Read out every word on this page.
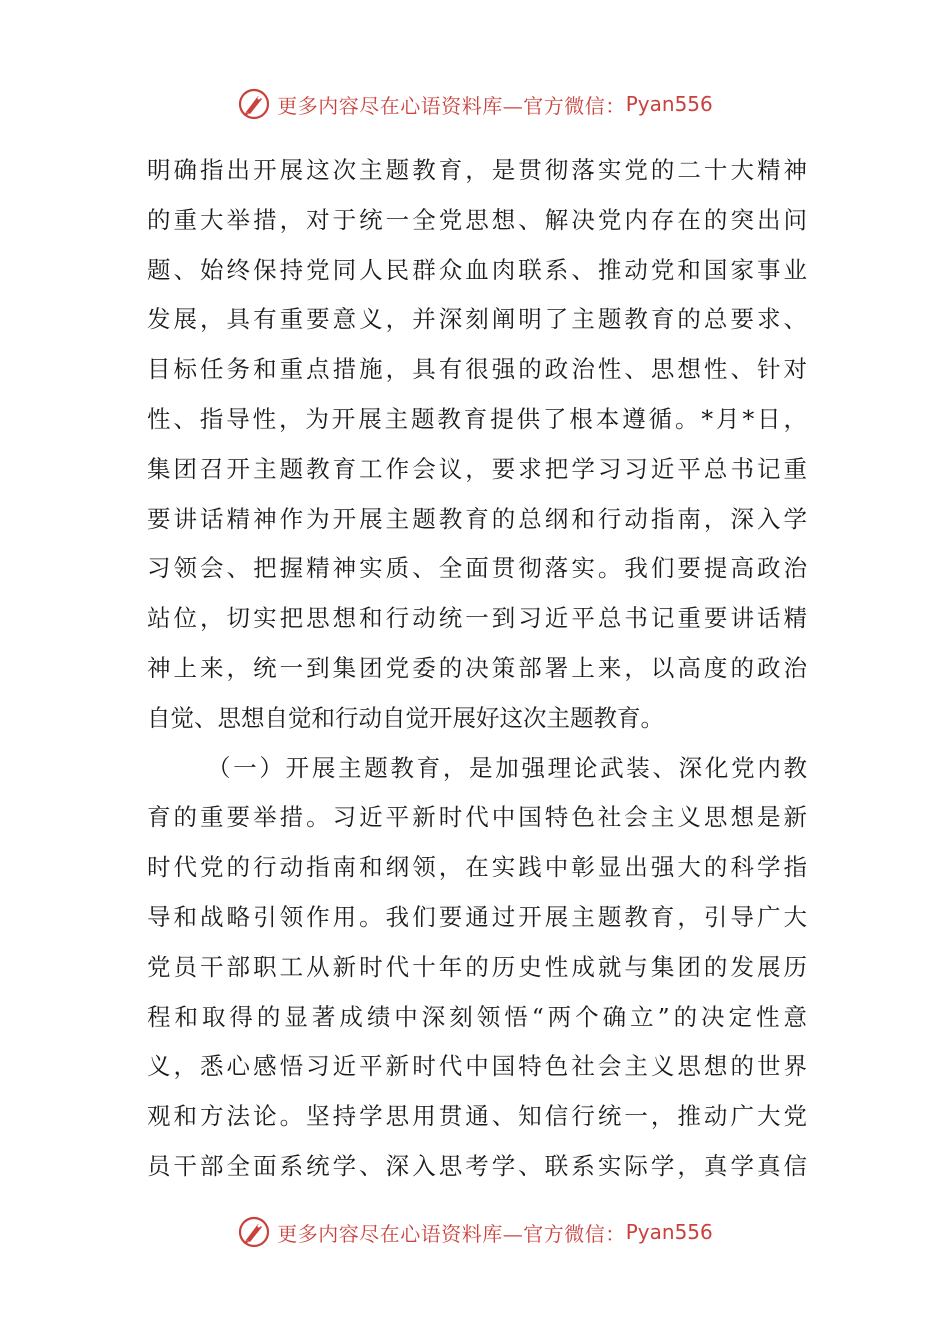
更多内容尽在心语资料库—官方微信： Pyan556
明确指出开展这次主题教育，是贯彻落实党的二十大精神
的重大举措，对于统一全党思想、解决党内存在的突出问
题、始终保持党同人民群众血肉联系、推动党和国家事业
发展，具有重要意义，并深刻阐明了主题教育的总要求、
目标任务和重点措施，具有很强的政治性、思想性、针对
性、指导性，为开展主题教育提供了根本遵循。*月*日，
集团召开主题教育工作会议，要求把学习习近平总书记重
要讲话精神作为开展主题教育的总纲和行动指南，深入学
习领会、把握精神实质、全面贯彻落实。我们要提高政治
站位，切实把思想和行动统一到习近平总书记重要讲话精
神上来，统一到集团党委的决策部署上来，以高度的政治
自觉、思想自觉和行动自觉开展好这次主题教育。
（一）开展主题教育，是加强理论武装、深化党内教
育的重要举措。习近平新时代中国特色社会主义思想是新
时代党的行动指南和纲领，在实践中彰显出强大的科学指
导和战略引领作用。我们要通过开展主题教育，引导广大
党员干部职工从新时代十年的历史性成就与集团的发展历
程和取得的显著成绩中深刻领悟“两个确立”的决定性意
义，悉心感悟习近平新时代中国特色社会主义思想的世界
观和方法论。坚持学思用贯通、知信行统一，推动广大党
员干部全面系统学、深入思考学、联系实际学，真学真信
更多内容尽在心语资料库—官方微信： Pyan556
